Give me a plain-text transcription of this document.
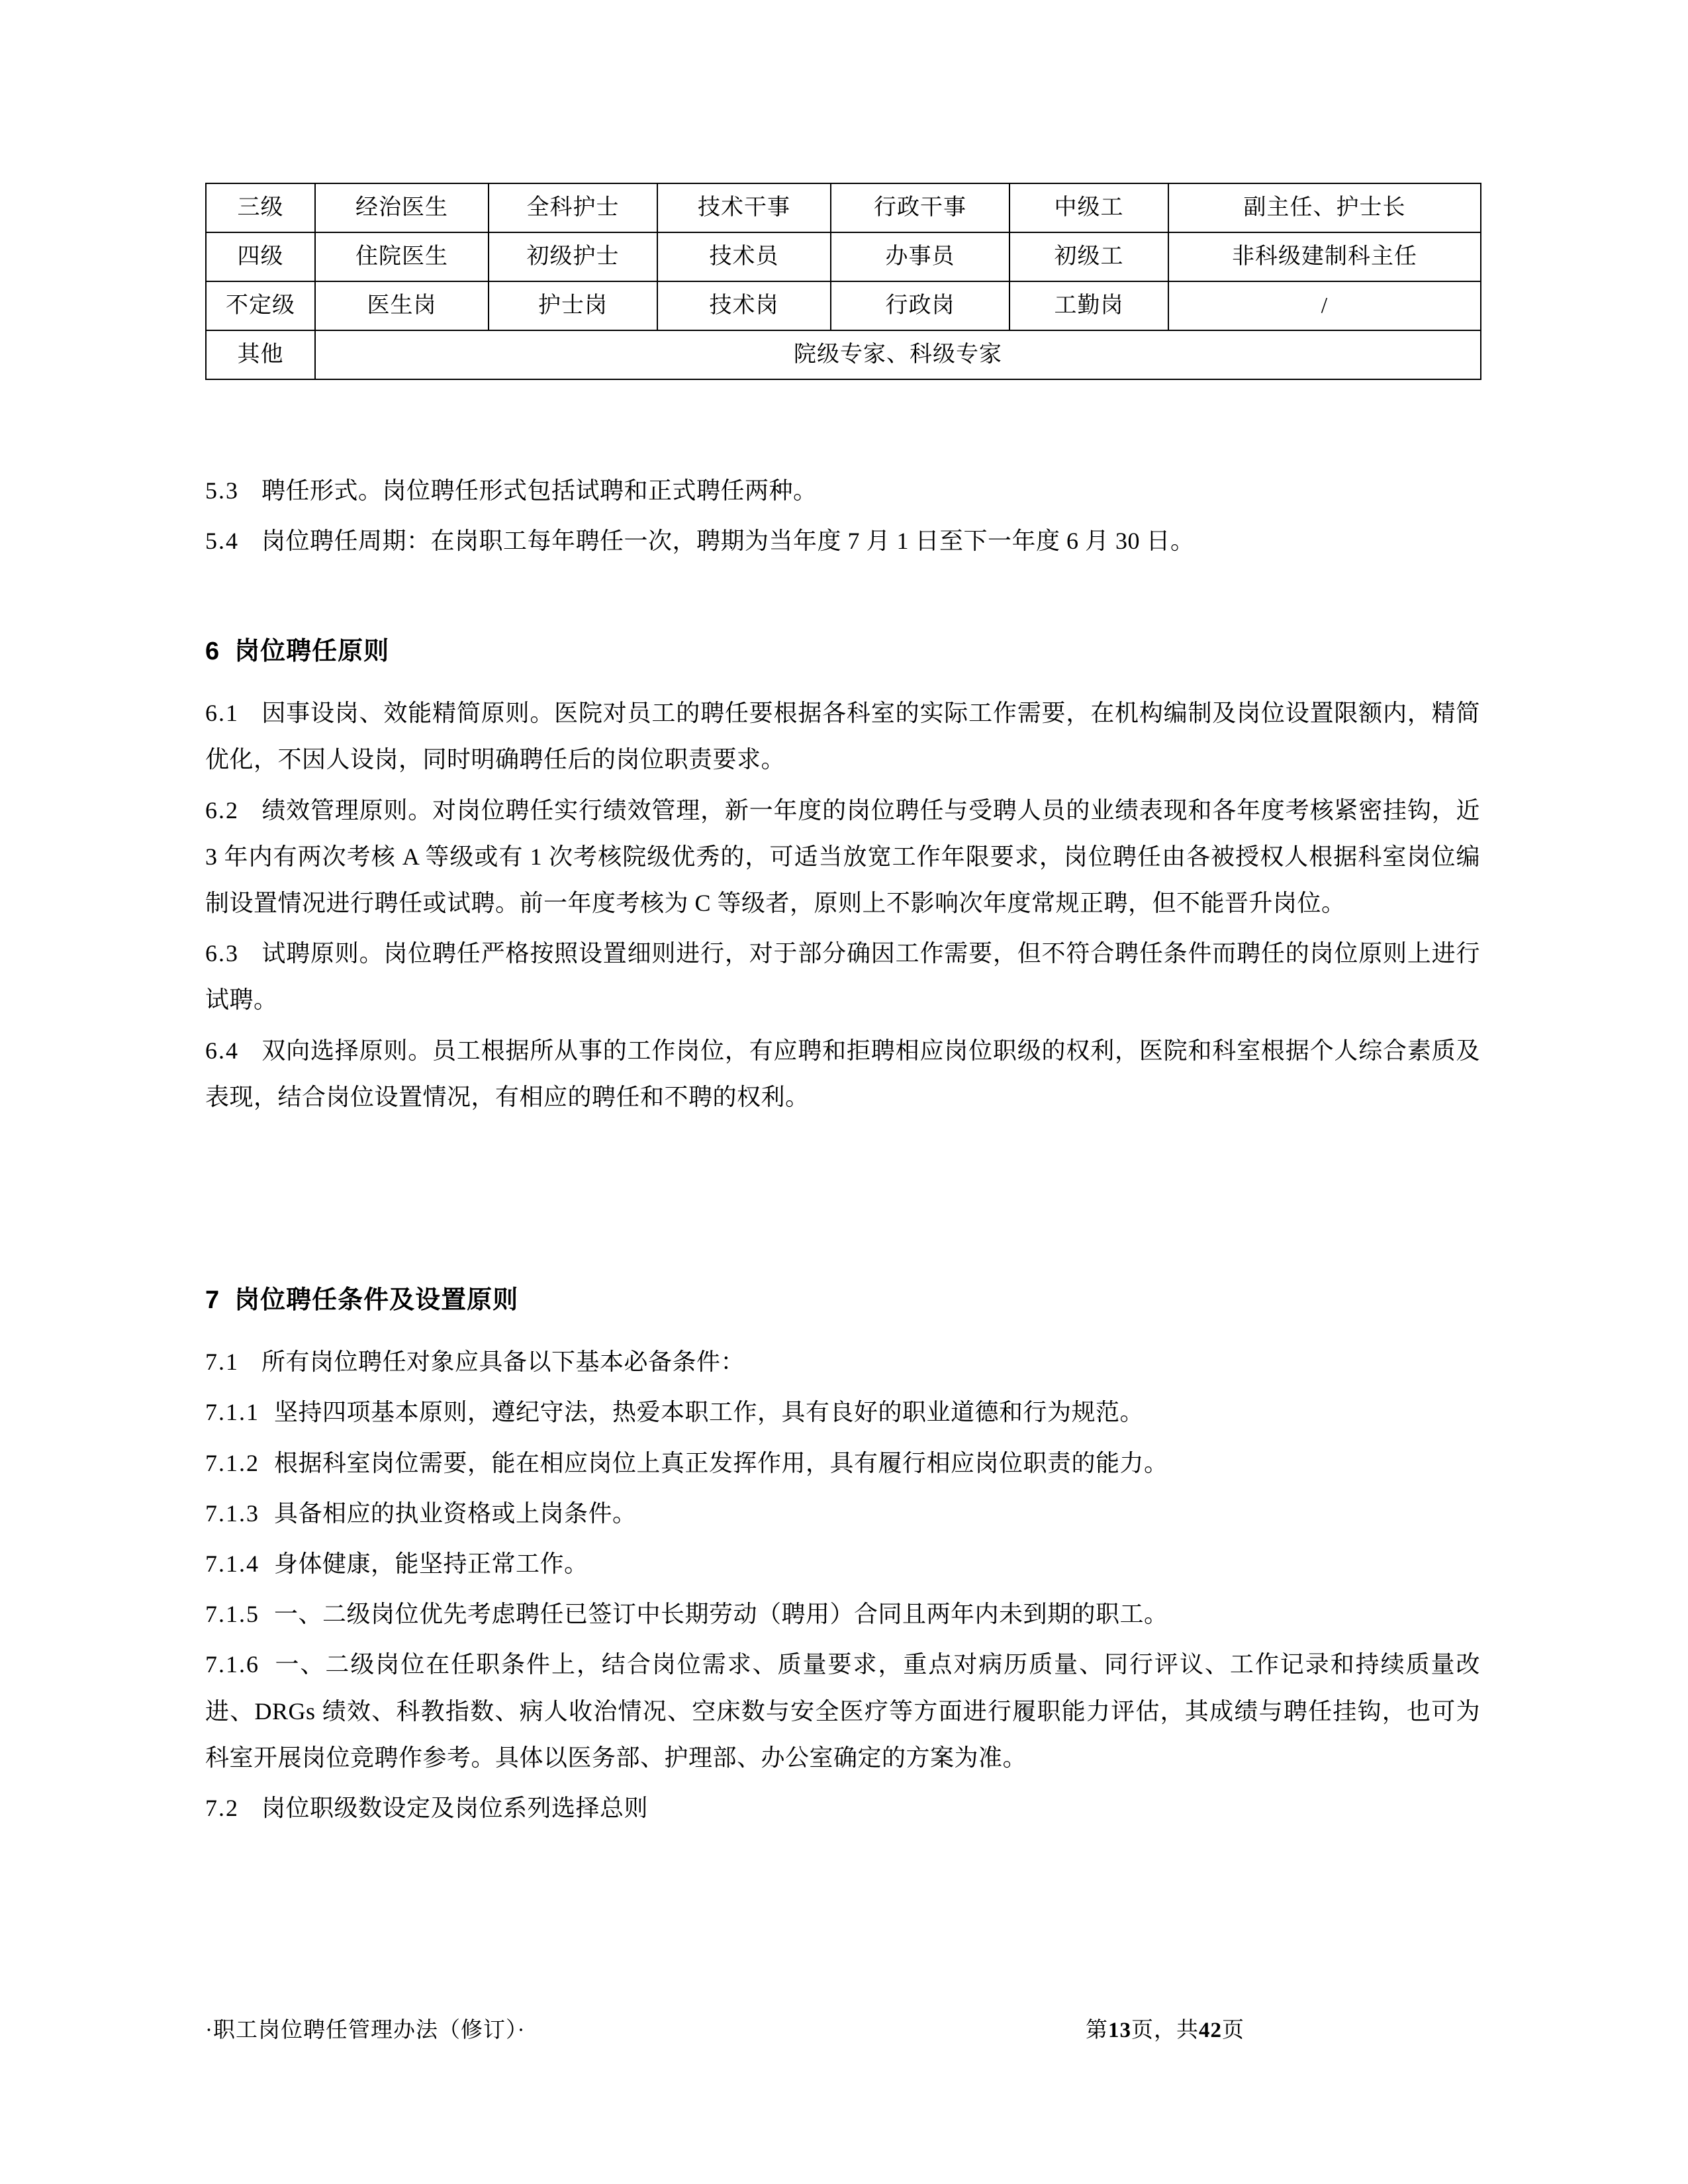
三级	经治医生	全科护士	技术干事	行政干事	中级工	副主任、护士长
四级	住院医生	初级护士	技术员	办事员	初级工	非科级建制科主任
不定级	医生岗	护士岗	技术岗	行政岗	工勤岗	/
其他	院级专家、科级专家					

5.3 聘任形式。岗位聘任形式包括试聘和正式聘任两种。

5.4 岗位聘任周期：在岗职工每年聘任一次，聘期为当年度 7 月 1 日至下一年度 6 月 30 日。

6 岗位聘任原则

6.1 因事设岗、效能精简原则。医院对员工的聘任要根据各科室的实际工作需要，在机构编制及岗位设置限额内，精简优化，不因人设岗，同时明确聘任后的岗位职责要求。

6.2 绩效管理原则。对岗位聘任实行绩效管理，新一年度的岗位聘任与受聘人员的业绩表现和各年度考核紧密挂钩，近 3 年内有两次考核 A 等级或有 1 次考核院级优秀的，可适当放宽工作年限要求，岗位聘任由各被授权人根据科室岗位编制设置情况进行聘任或试聘。前一年度考核为 C 等级者，原则上不影响次年度常规正聘，但不能晋升岗位。

6.3 试聘原则。岗位聘任严格按照设置细则进行，对于部分确因工作需要，但不符合聘任条件而聘任的岗位原则上进行试聘。

6.4 双向选择原则。员工根据所从事的工作岗位，有应聘和拒聘相应岗位职级的权利，医院和科室根据个人综合素质及表现，结合岗位设置情况，有相应的聘任和不聘的权利。

7 岗位聘任条件及设置原则

7.1 所有岗位聘任对象应具备以下基本必备条件：

7.1.1 坚持四项基本原则，遵纪守法，热爱本职工作，具有良好的职业道德和行为规范。

7.1.2 根据科室岗位需要，能在相应岗位上真正发挥作用，具有履行相应岗位职责的能力。

7.1.3 具备相应的执业资格或上岗条件。

7.1.4 身体健康，能坚持正常工作。

7.1.5 一、二级岗位优先考虑聘任已签订中长期劳动（聘用）合同且两年内未到期的职工。

7.1.6 一、二级岗位在任职条件上，结合岗位需求、质量要求，重点对病历质量、同行评议、工作记录和持续质量改进、DRGs 绩效、科教指数、病人收治情况、空床数与安全医疗等方面进行履职能力评估，其成绩与聘任挂钩，也可为科室开展岗位竞聘作参考。具体以医务部、护理部、办公室确定的方案为准。

7.2 岗位职级数设定及岗位系列选择总则

·职工岗位聘任管理办法（修订）·	第13页，共42页
